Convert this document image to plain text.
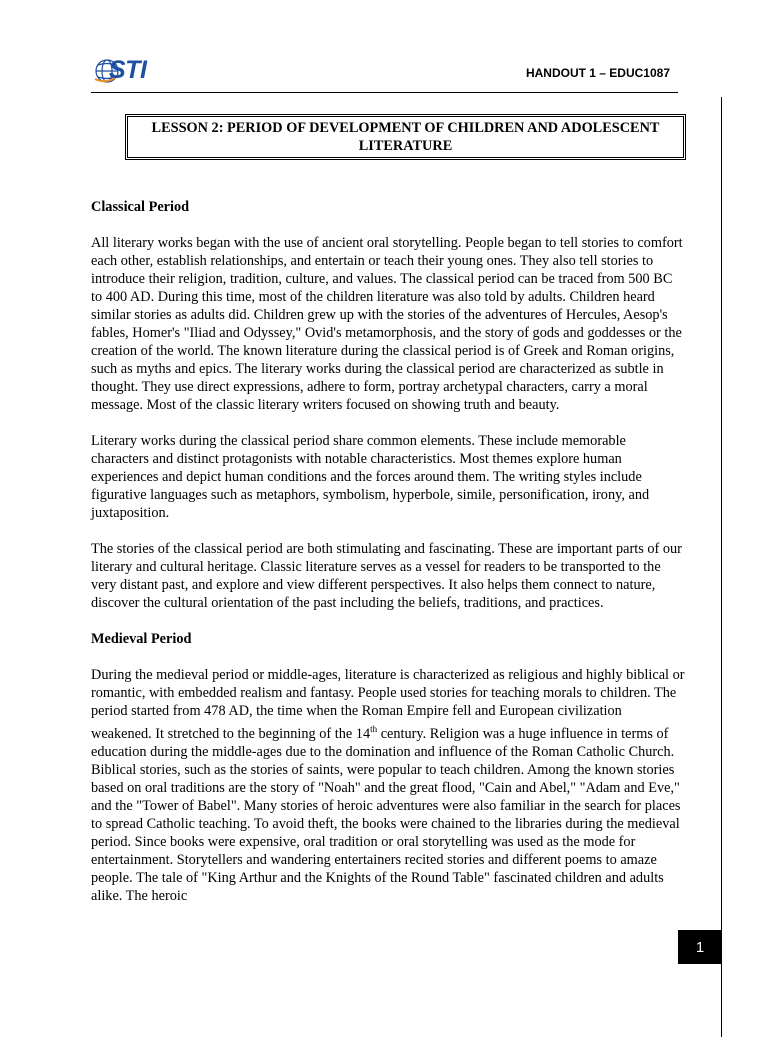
STI	HANDOUT 1 – EDUC1087
LESSON 2: PERIOD OF DEVELOPMENT OF CHILDREN AND ADOLESCENT LITERATURE
Classical Period

All literary works began with the use of ancient oral storytelling. People began to tell stories to comfort each other, establish relationships, and entertain or teach their young ones. They also tell stories to introduce their religion, tradition, culture, and values. The classical period can be traced from 500 BC to 400 AD. During this time, most of the children literature was also told by adults. Children heard similar stories as adults did. Children grew up with the stories of the adventures of Hercules, Aesop's fables, Homer's "Iliad and Odyssey," Ovid's metamorphosis, and the story of gods and goddesses or the creation of the world. The known literature during the classical period is of Greek and Roman origins, such as myths and epics. The literary works during the classical period are characterized as subtle in thought. They use direct expressions, adhere to form, portray archetypal characters, carry a moral message. Most of the classic literary writers focused on showing truth and beauty.

Literary works during the classical period share common elements. These include memorable characters and distinct protagonists with notable characteristics. Most themes explore human experiences and depict human conditions and the forces around them. The writing styles include figurative languages such as metaphors, symbolism, hyperbole, simile, personification, irony, and juxtaposition.

The stories of the classical period are both stimulating and fascinating. These are important parts of our literary and cultural heritage. Classic literature serves as a vessel for readers to be transported to the very distant past, and explore and view different perspectives. It also helps them connect to nature, discover the cultural orientation of the past including the beliefs, traditions, and practices.

Medieval Period

During the medieval period or middle-ages, literature is characterized as religious and highly biblical or romantic, with embedded realism and fantasy. People used stories for teaching morals to children. The period started from 478 AD, the time when the Roman Empire fell and European civilization weakened. It stretched to the beginning of the 14th century. Religion was a huge influence in terms of education during the middle-ages due to the domination and influence of the Roman Catholic Church. Biblical stories, such as the stories of saints, were popular to teach children. Among the known stories based on oral traditions are the story of "Noah" and the great flood, "Cain and Abel," "Adam and Eve," and the "Tower of Babel". Many stories of heroic adventures were also familiar in the search for places to spread Catholic teaching. To avoid theft, the books were chained to the libraries during the medieval period. Since books were expensive, oral tradition or oral storytelling was used as the mode for entertainment. Storytellers and wandering entertainers recited stories and different poems to amaze people. The tale of "King Arthur and the Knights of the Round Table" fascinated children and adults alike. The heroic

1
